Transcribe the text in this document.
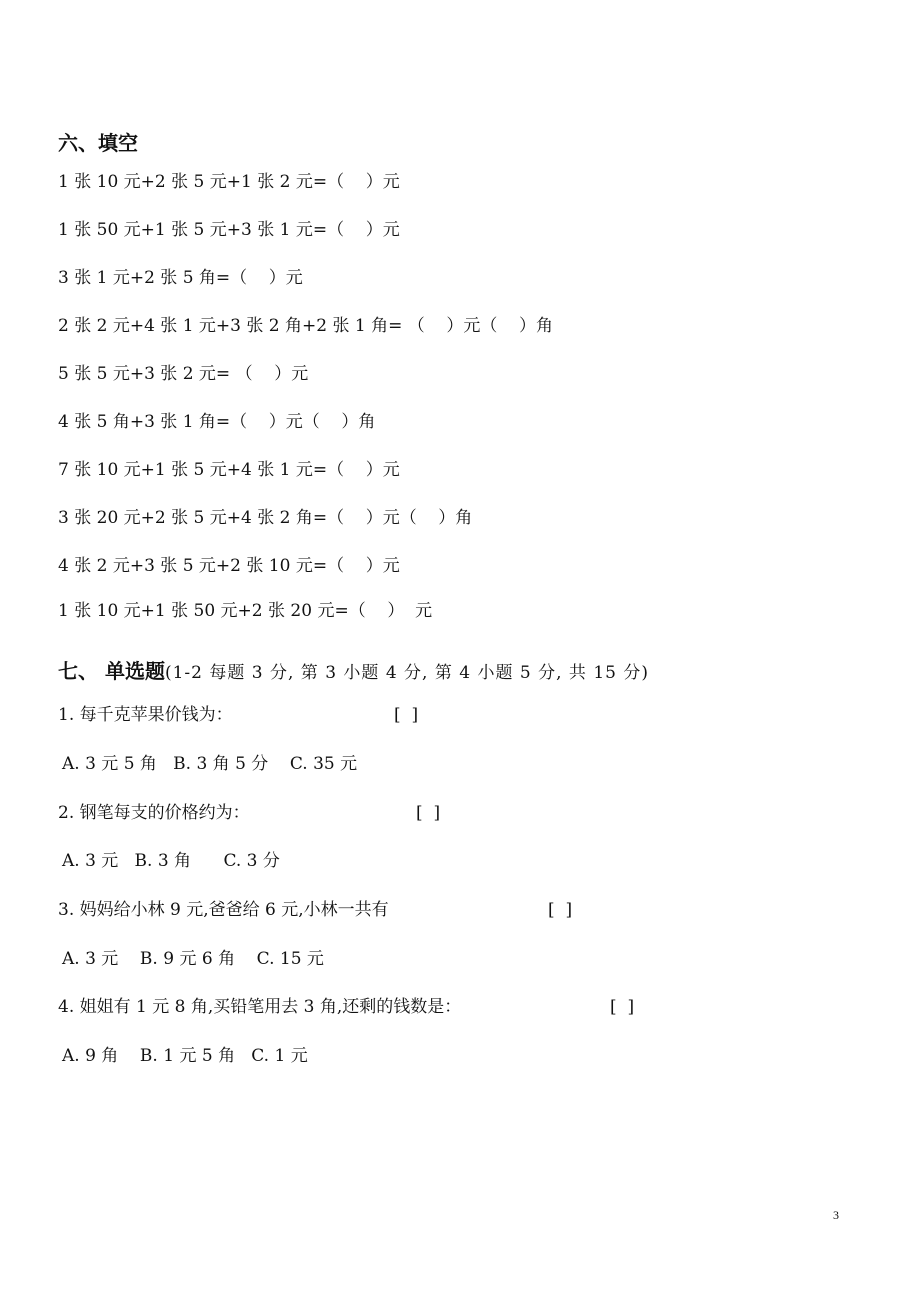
六、填空
1 张 10 元+2 张 5 元+1 张 2 元=（    ）元
1 张 50 元+1 张 5 元+3 张 1 元=（    ）元
3 张 1 元+2 张 5 角=（    ）元
2 张 2 元+4 张 1 元+3 张 2 角+2 张 1 角= （    ）元（    ）角
5 张 5 元+3 张 2 元= （    ）元
4 张 5 角+3 张 1 角=（    ）元（    ）角
7 张 10 元+1 张 5 元+4 张 1 元=（    ）元
3 张 20 元+2 张 5 元+4 张 2 角=（    ）元（    ）角
4 张 2 元+3 张 5 元+2 张 10 元=（    ）元
1 张 10 元+1 张 50 元+2 张 20 元=（    ）  元
七、 单选题(1-2 每题 3 分, 第 3 小题 4 分, 第 4 小题 5 分, 共 15 分)
1. 每千克苹果价钱为：	[  ]
A. 3 元 5 角   B. 3 角 5 分    C. 35 元
2. 钢笔每支的价格约为：	[  ]
A. 3 元   B. 3 角      C. 3 分
3. 妈妈给小林 9 元,爸爸给 6 元,小林一共有	[  ]
A. 3 元    B. 9 元 6 角    C. 15 元
4. 姐姐有 1 元 8 角,买铅笔用去 3 角,还剩的钱数是：	[  ]
A. 9 角    B. 1 元 5 角   C. 1 元
3
